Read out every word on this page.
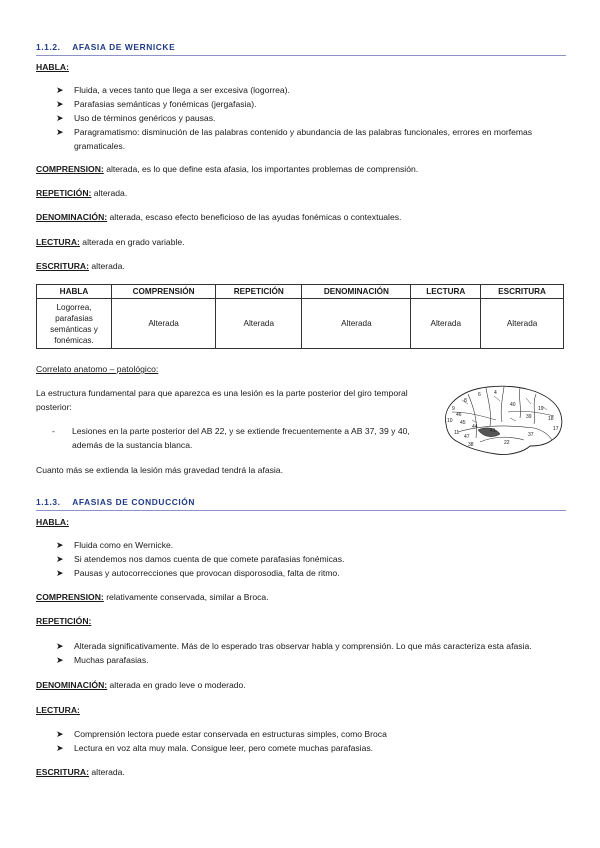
1.1.2. AFASIA DE WERNICKE
HABLA:
➤ Fluida, a veces tanto que llega a ser excesiva (logorrea).
➤ Parafasias semánticas y fonémicas (jergafasia).
➤ Uso de términos genéricos y pausas.
➤ Paragramatismo: disminución de las palabras contenido y abundancia de las palabras funcionales, errores en morfemas gramaticales.
COMPRENSION: alterada, es lo que define esta afasia, los importantes problemas de comprensión.
REPETICIÓN: alterada.
DENOMINACIÓN: alterada, escaso efecto beneficioso de las ayudas fonémicas o contextuales.
LECTURA: alterada en grado variable.
ESCRITURA: alterada.
HABLA	COMPRENSIÓN	REPETICIÓN	DENOMINACIÓN	LECTURA	ESCRITURA
Logorrea, parafasias semánticas y fonémicas.	Alterada	Alterada	Alterada	Alterada	Alterada
Correlato anatomo – patológico:
La estructura fundamental para que aparezca es una lesión es la parte posterior del giro temporal posterior:
- Lesiones en la parte posterior del AB 22, y se extiende frecuentemente a AB 37, 39 y 40, además de la sustancia blanca.
Cuanto más se extienda la lesión más gravedad tendrá la afasia.
4
6
8
9
10
11
17
18
19
22
37
38
39
40
41
44
45
46
47
1.1.3. AFASIAS DE CONDUCCIÓN
HABLA:
➤ Fluida como en Wernicke.
➤ Si atendemos nos damos cuenta de que comete parafasias fonémicas.
➤ Pausas y autocorrecciones que provocan disporosodia, falta de ritmo.
COMPRENSION: relativamente conservada, similar a Broca.
REPETICIÓN:
➤ Alterada significativamente. Más de lo esperado tras observar habla y comprensión. Lo que más caracteriza esta afasia.
➤ Muchas parafasias.
DENOMINACIÓN: alterada en grado leve o moderado.
LECTURA:
➤ Comprensión lectora puede estar conservada en estructuras simples, como Broca
➤ Lectura en voz alta muy mala. Consigue leer, pero comete muchas parafasias.
ESCRITURA: alterada.
